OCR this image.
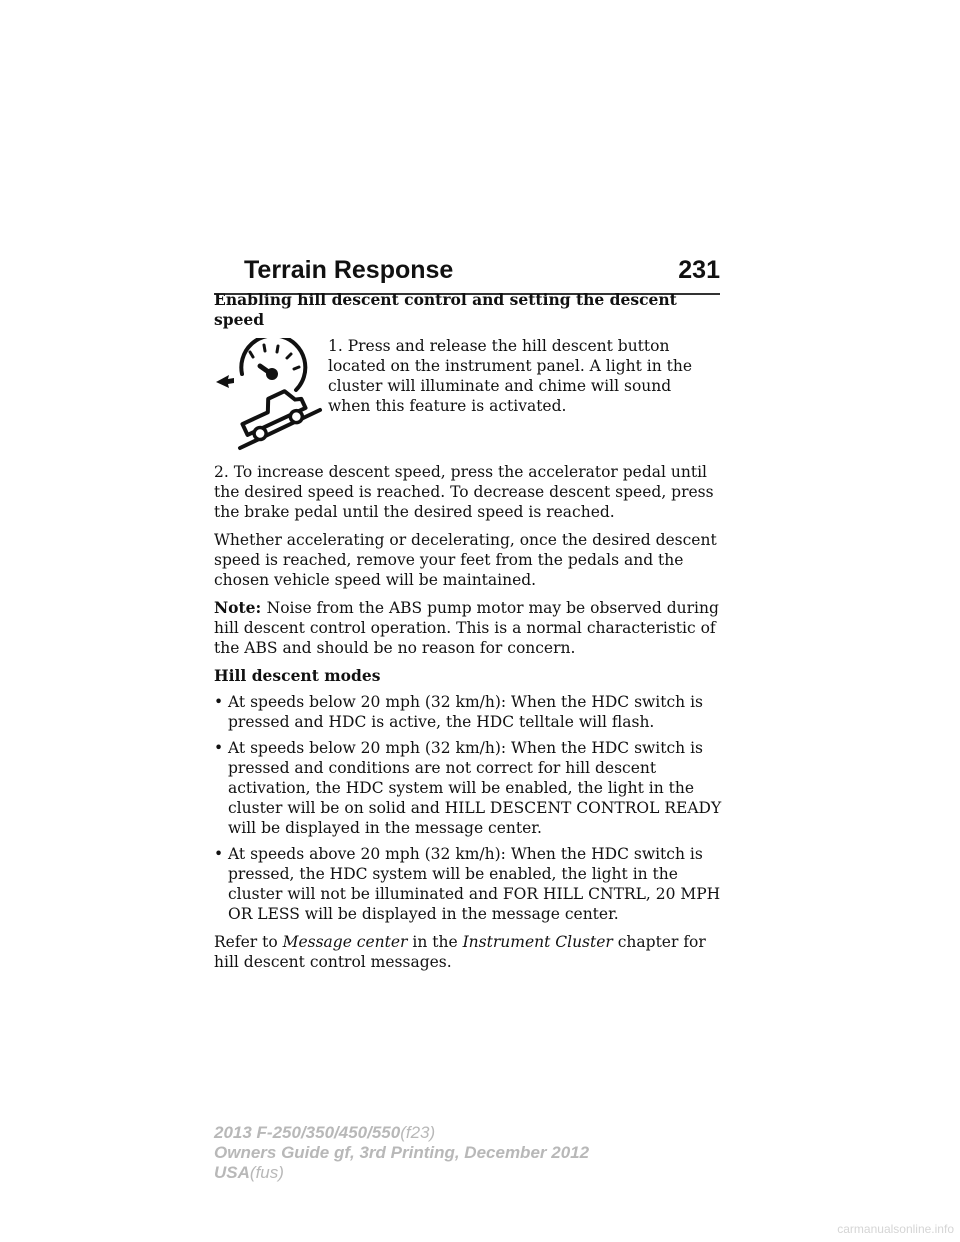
Terrain Response	231
Enabling hill descent control and setting the descent speed
1. Press and release the hill descent button located on the instrument panel. A light in the cluster will illuminate and chime will sound when this feature is activated.

2. To increase descent speed, press the accelerator pedal until the desired speed is reached. To decrease descent speed, press the brake pedal until the desired speed is reached.

Whether accelerating or decelerating, once the desired descent speed is reached, remove your feet from the pedals and the chosen vehicle speed will be maintained.

Note: Noise from the ABS pump motor may be observed during hill descent control operation. This is a normal characteristic of the ABS and should be no reason for concern.

Hill descent modes
• At speeds below 20 mph (32 km/h): When the HDC switch is pressed and HDC is active, the HDC telltale will flash.
• At speeds below 20 mph (32 km/h): When the HDC switch is pressed and conditions are not correct for hill descent activation, the HDC system will be enabled, the light in the cluster will be on solid and HILL DESCENT CONTROL READY will be displayed in the message center.
• At speeds above 20 mph (32 km/h): When the HDC switch is pressed, the HDC system will be enabled, the light in the cluster will not be illuminated and FOR HILL CNTRL, 20 MPH OR LESS will be displayed in the message center.

Refer to Message center in the Instrument Cluster chapter for hill descent control messages.

2013 F-250/350/450/550(f23)
Owners Guide gf, 3rd Printing, December 2012
USA(fus)
carmanualsonline.info
